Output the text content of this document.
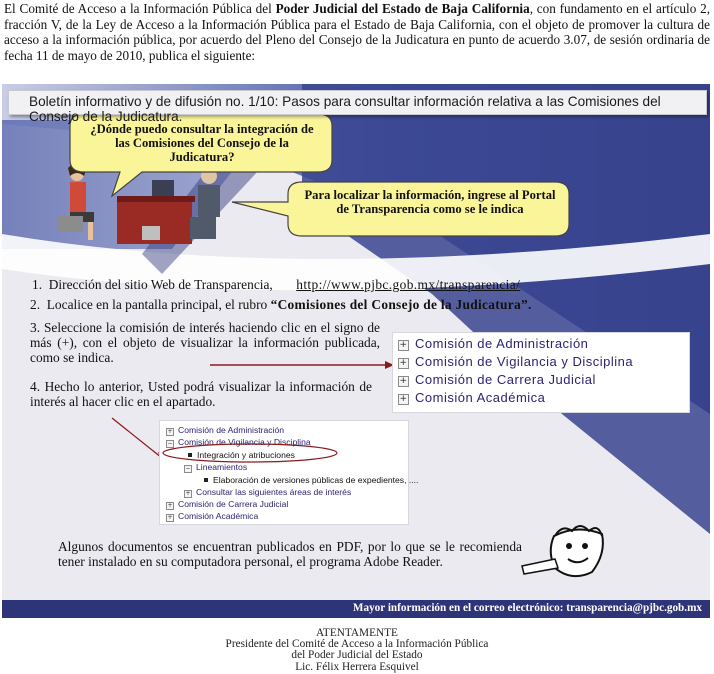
El Comité de Acceso a la Información Pública del Poder Judicial del Estado de Baja California, con fundamento en el artículo 2, fracción V, de la Ley de Acceso a la Información Pública para el Estado de Baja California, con el objeto de promover la cultura de acceso a la información pública, por acuerdo del Pleno del Consejo de la Judicatura en punto de acuerdo 3.07, de sesión ordinaria de fecha 11 de mayo de 2010, publica el siguiente:
Boletín informativo y de difusión no. 1/10: Pasos para consultar información relativa a las Comisiones del Consejo de la Judicatura.
¿Dónde puedo consultar la integración de las Comisiones del Consejo de la Judicatura?
Para localizar la información, ingrese al Portal de Transparencia como se le indica
1. Dirección del sitio Web de Transparencia, http://www.pjbc.gob.mx/transparencia/
2. Localice en la pantalla principal, el rubro “Comisiones del Consejo de la Judicatura”.
3. Seleccione la comisión de interés haciendo clic en el signo de más (+), con el objeto de visualizar la información publicada, como se indica.
4. Hecho lo anterior, Usted podrá visualizar la información de interés al hacer clic en el apartado.
+ Comisión de Administración
+ Comisión de Vigilancia y Disciplina
+ Comisión de Carrera Judicial
+ Comisión Académica
+ Comisión de Administración
− Comisión de Vigilancia y Disciplina
Integración y atribuciones
− Lineamientos
Elaboración de versiones públicas de expedientes, ....
+ Consultar las siguientes áreas de interés
+ Comisión de Carrera Judicial
+ Comisión Académica
Algunos documentos se encuentran publicados en PDF, por lo que se le recomienda tener instalado en su computadora personal, el programa Adobe Reader.
Mayor información en el correo electrónico: transparencia@pjbc.gob.mx
ATENTAMENTE
Presidente del Comité de Acceso a la Información Pública
del Poder Judicial del Estado
Lic. Félix Herrera Esquivel
